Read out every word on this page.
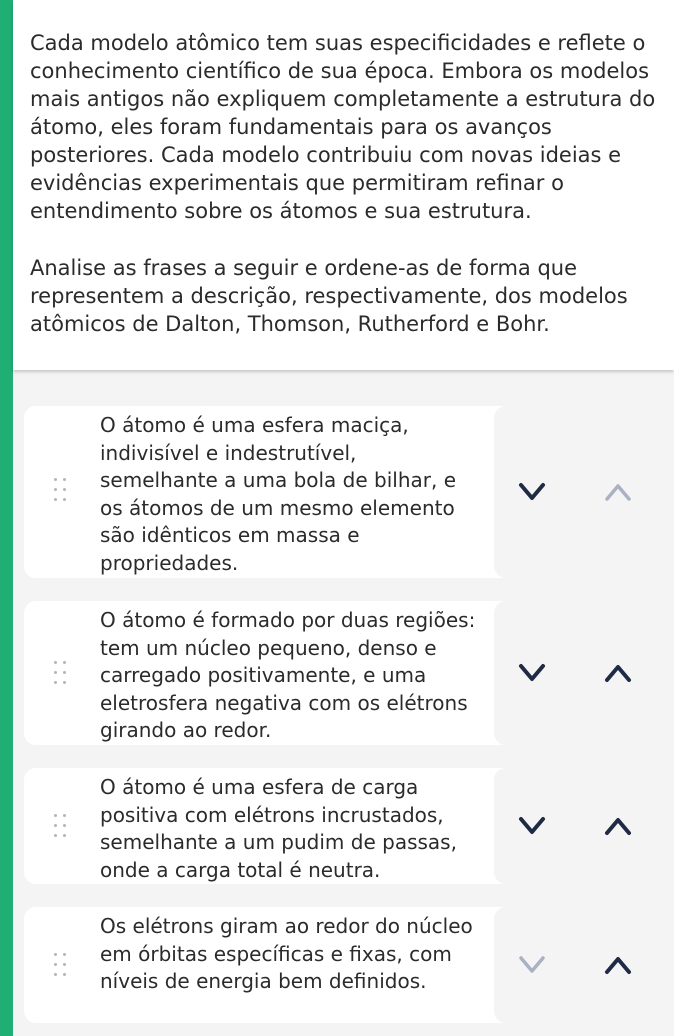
Cada modelo atômico tem suas especificidades e reflete o conhecimento científico de sua época. Embora os modelos mais antigos não expliquem completamente a estrutura do átomo, eles foram fundamentais para os avanços posteriores. Cada modelo contribuiu com novas ideias e evidências experimentais que permitiram refinar o entendimento sobre os átomos e sua estrutura.

Analise as frases a seguir e ordene-as de forma que representem a descrição, respectivamente, dos modelos atômicos de Dalton, Thomson, Rutherford e Bohr.

O átomo é uma esfera maciça, indivisível e indestrutível, semelhante a uma bola de bilhar, e os átomos de um mesmo elemento são idênticos em massa e propriedades.

O átomo é formado por duas regiões: tem um núcleo pequeno, denso e carregado positivamente, e uma eletrosfera negativa com os elétrons girando ao redor.

O átomo é uma esfera de carga positiva com elétrons incrustados, semelhante a um pudim de passas, onde a carga total é neutra.

Os elétrons giram ao redor do núcleo em órbitas específicas e fixas, com níveis de energia bem definidos.
